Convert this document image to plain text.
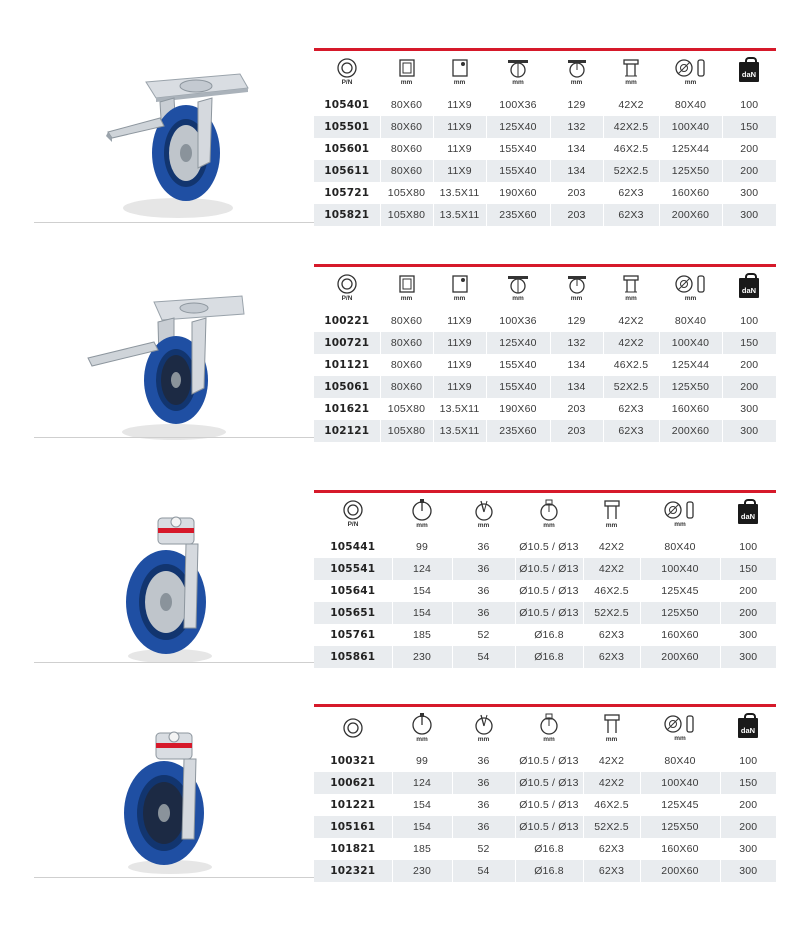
P/N	mm	mm	mm	mm	mm	mm	daN

105401	80X60	11X9	100X36	129	42X2	80X40	100
105501	80X60	11X9	125X40	132	42X2.5	100X40	150
105601	80X60	11X9	155X40	134	46X2.5	125X44	200
105611	80X60	11X9	155X40	134	52X2.5	125X50	200
105721	105X80	13.5X11	190X60	203	62X3	160X60	300
105821	105X80	13.5X11	235X60	203	62X3	200X60	300
P/N	mm	mm	mm	mm	mm	mm	daN

100221	80X60	11X9	100X36	129	42X2	80X40	100
100721	80X60	11X9	125X40	132	42X2	100X40	150
101121	80X60	11X9	155X40	134	46X2.5	125X44	200
105061	80X60	11X9	155X40	134	52X2.5	125X50	200
101621	105X80	13.5X11	190X60	203	62X3	160X60	300
102121	105X80	13.5X11	235X60	203	62X3	200X60	300
P/N	mm	mm	mm	mm	mm	daN

105441	99	36	Ø10.5 / Ø13	42X2	80X40	100
105541	124	36	Ø10.5 / Ø13	42X2	100X40	150
105641	154	36	Ø10.5 / Ø13	46X2.5	125X45	200
105651	154	36	Ø10.5 / Ø13	52X2.5	125X50	200
105761	185	52	Ø16.8	62X3	160X60	300
105861	230	54	Ø16.8	62X3	200X60	300

mm	mm	mm	mm	mm	daN

100321	99	36	Ø10.5 / Ø13	42X2	80X40	100
100621	124	36	Ø10.5 / Ø13	42X2	100X40	150
101221	154	36	Ø10.5 / Ø13	46X2.5	125X45	200
105161	154	36	Ø10.5 / Ø13	52X2.5	125X50	200
101821	185	52	Ø16.8	62X3	160X60	300
102321	230	54	Ø16.8	62X3	200X60	300
